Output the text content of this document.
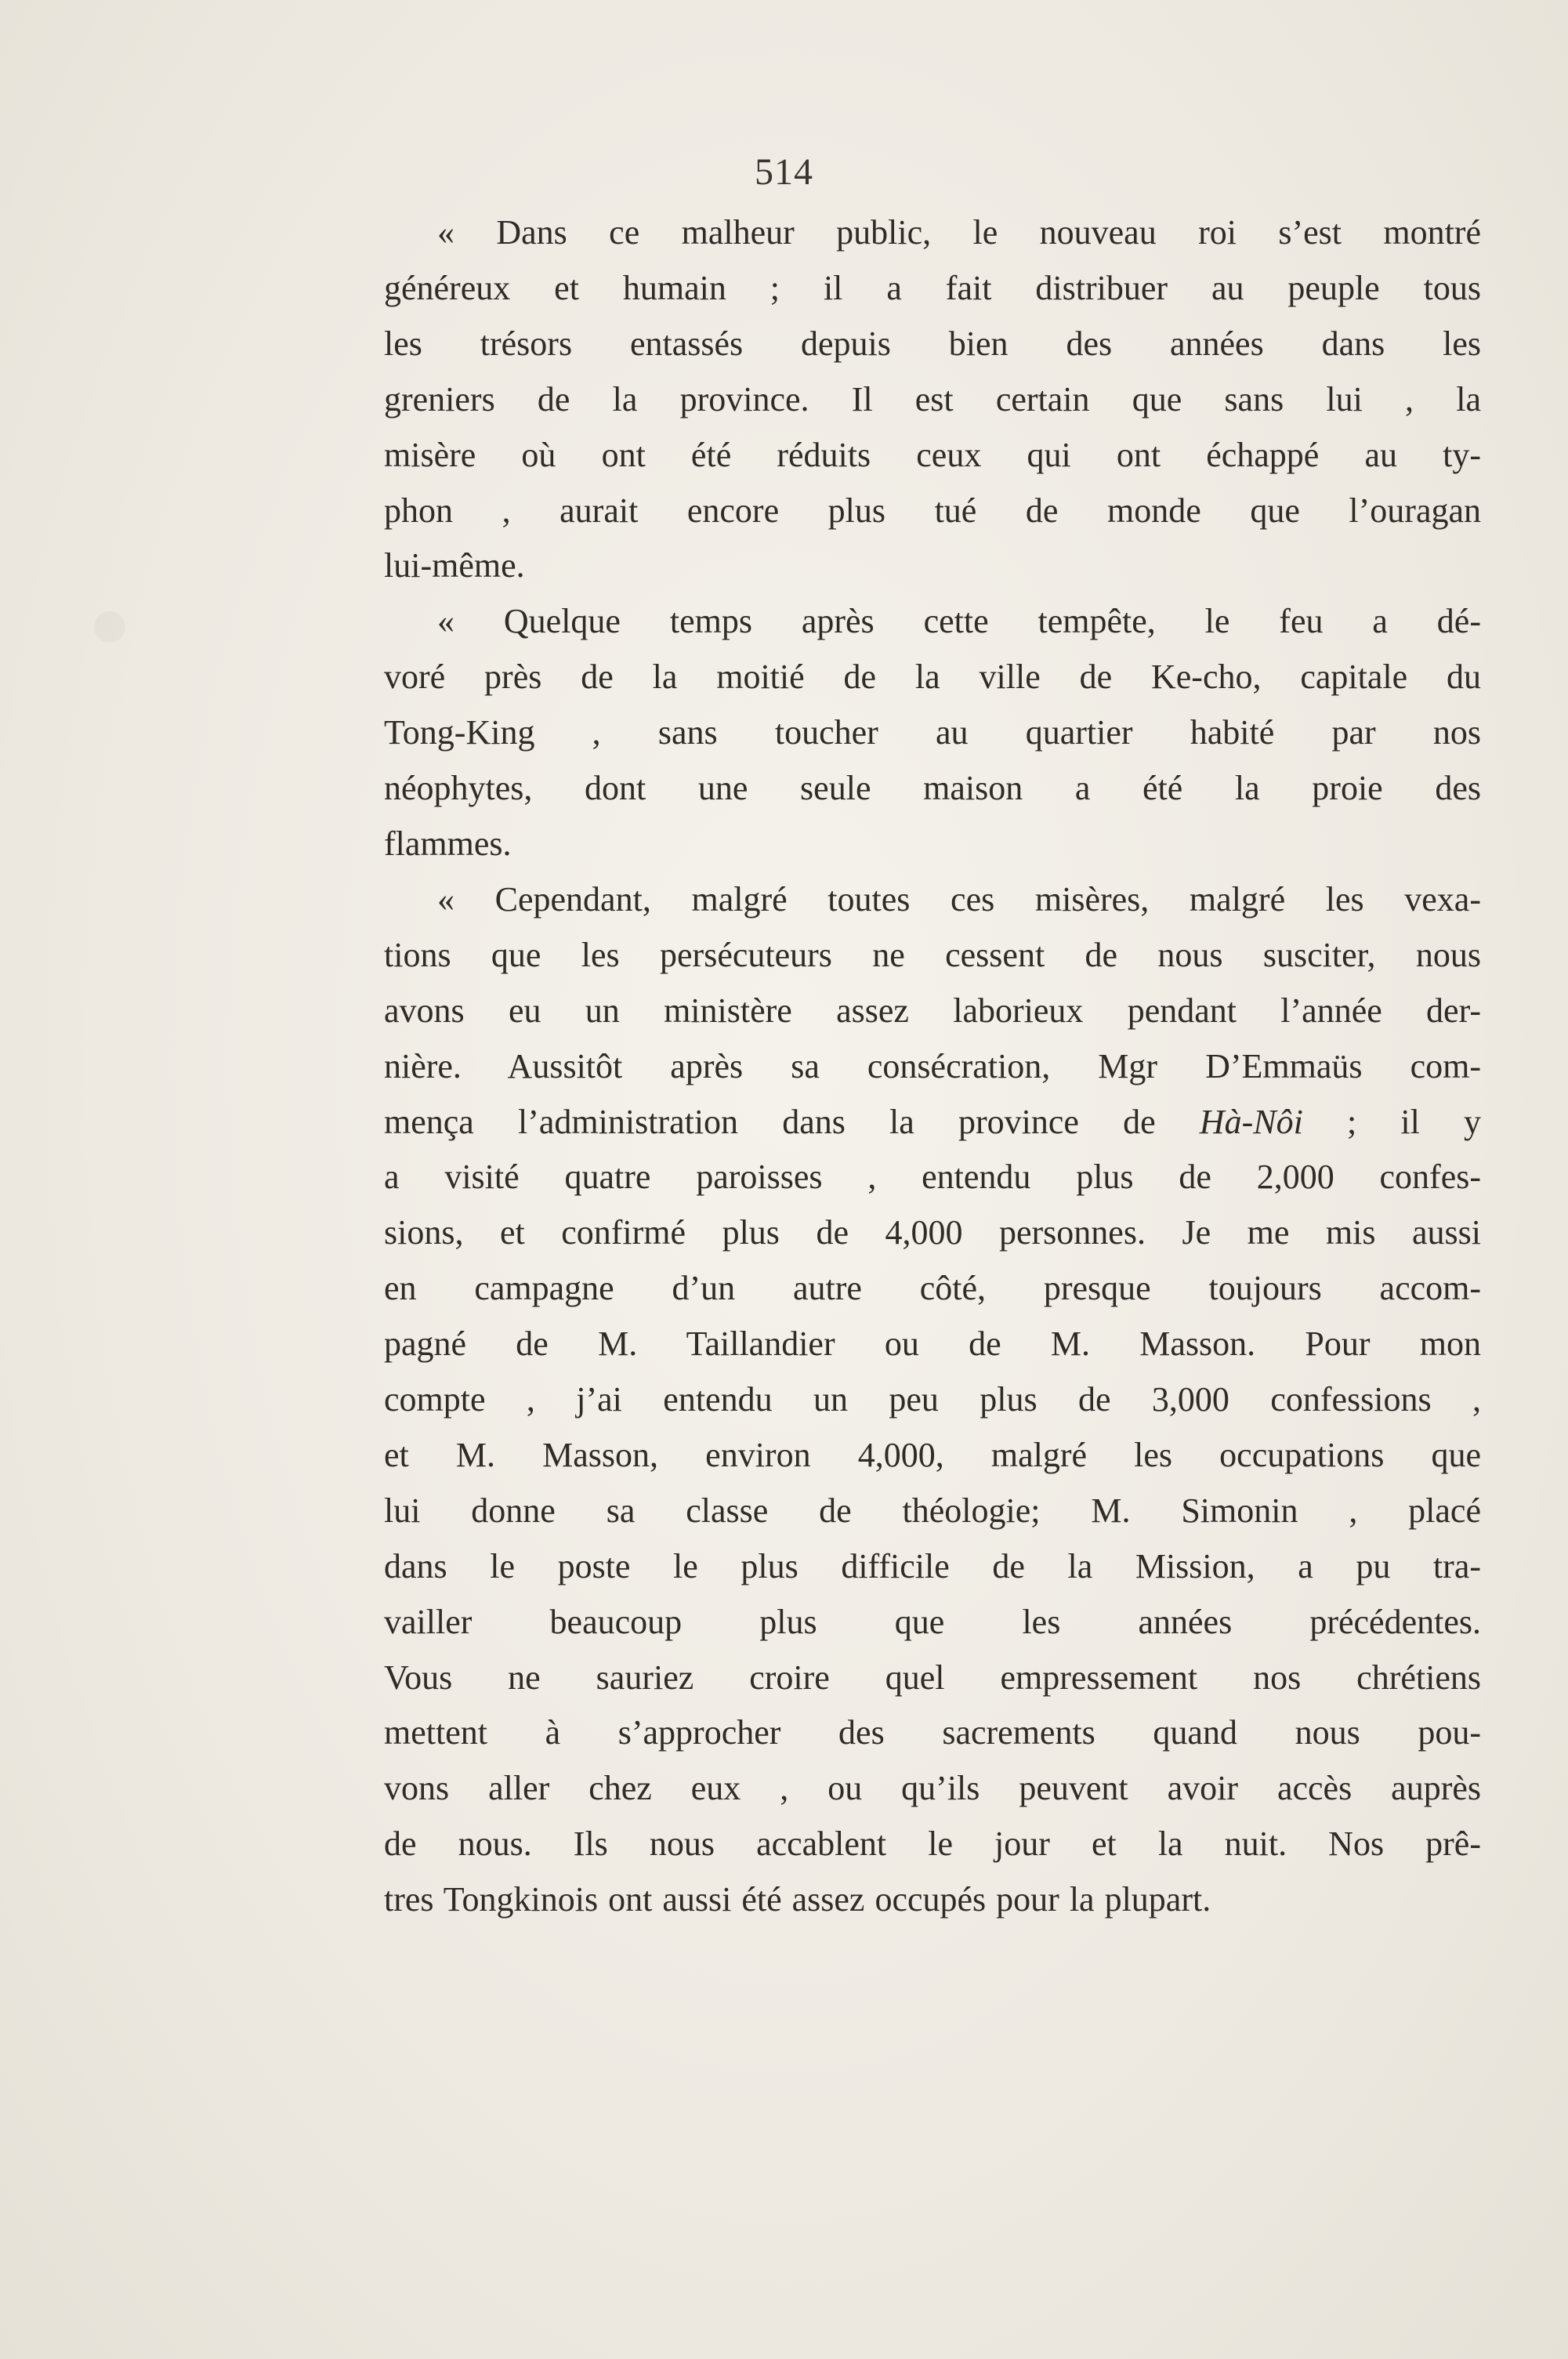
514

« Dans ce malheur public, le nouveau roi s’est montré
généreux et humain ; il a fait distribuer au peuple tous
les trésors entassés depuis bien des années dans les
greniers de la province. Il est certain que sans lui , la
misère où ont été réduits ceux qui ont échappé au ty-
phon , aurait encore plus tué de monde que l’ouragan
lui-même.

« Quelque temps après cette tempête, le feu a dé-
voré près de la moitié de la ville de Ke-cho, capitale du
Tong-King , sans toucher au quartier habité par nos
néophytes, dont une seule maison a été la proie des
flammes.

« Cependant, malgré toutes ces misères, malgré les vexa-
tions que les persécuteurs ne cessent de nous susciter, nous
avons eu un ministère assez laborieux pendant l’année der-
nière. Aussitôt après sa consécration, Mgr D’Emmaüs com-
mença l’administration dans la province de Hà-Nôi ; il y
a visité quatre paroisses , entendu plus de 2,000 confes-
sions, et confirmé plus de 4,000 personnes. Je me mis aussi
en campagne d’un autre côté, presque toujours accom-
pagné de M. Taillandier ou de M. Masson. Pour mon
compte , j’ai entendu un peu plus de 3,000 confessions ,
et M. Masson, environ 4,000, malgré les occupations que
lui donne sa classe de théologie; M. Simonin , placé
dans le poste le plus difficile de la Mission, a pu tra-
vailler beaucoup plus que les années précédentes.
Vous ne sauriez croire quel empressement nos chrétiens
mettent à s’approcher des sacrements quand nous pou-
vons aller chez eux , ou qu’ils peuvent avoir accès auprès
de nous. Ils nous accablent le jour et la nuit. Nos prê-
tres Tongkinois ont aussi été assez occupés pour la plupart.
